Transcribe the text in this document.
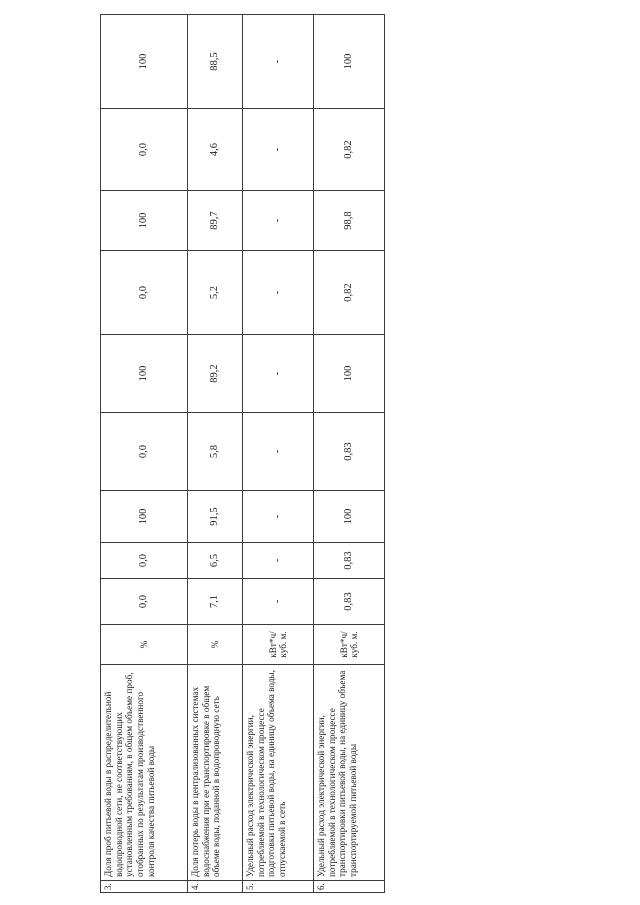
3.	Доля проб питьевой воды в распределительной водопроводной сети, не соответствующих установленным требованиям, в общем объеме проб, отобранных по результатам производственного контроля качества питьевой воды	%	0,0	0,0	100	0,0	100	0,0	100	0,0	100
4.	Доля потерь воды в централизованных системах водоснабжения при ее транспортировке в общем объеме воды, поданной в водопроводную сеть	%	7,1	6,5	91,5	5,8	89,2	5,2	89,7	4,6	88,5
5.	Удельный расход электрической энергии, потребляемой в технологическом процессе подготовки питьевой воды, на единицу объема воды, отпускаемой в сеть	кВт*ч/ куб. м.	-	-	-	-	-	-	-	-	-
6.	Удельный расход электрической энергии, потребляемой в технологическом процессе транспортировки питьевой воды, на единицу объема транспортируемой питьевой воды	кВт*ч/ куб. м.	0,83	0,83	100	0,83	100	0,82	98,8	0,82	100
